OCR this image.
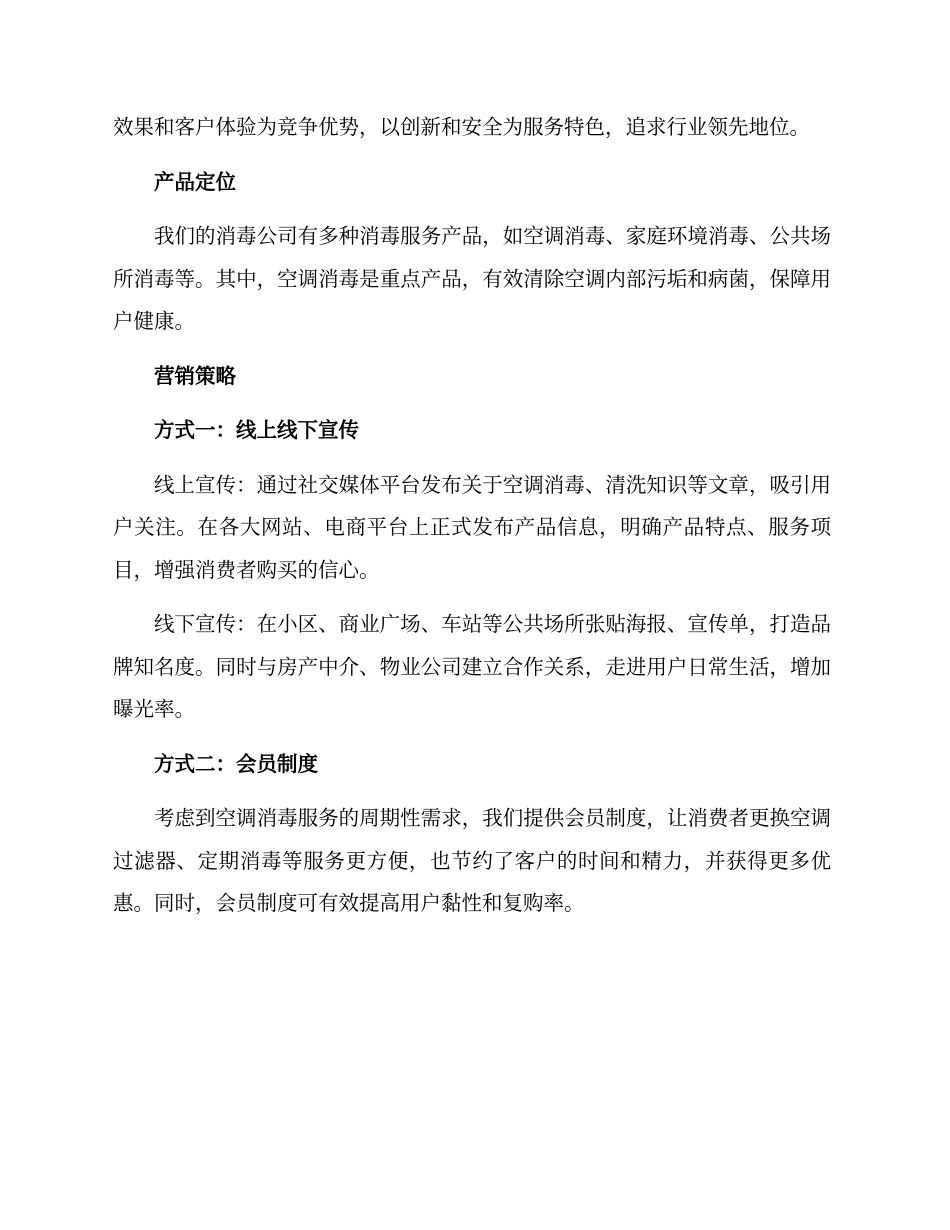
效果和客户体验为竞争优势，以创新和安全为服务特色，追求行业领先地位。

产品定位

我们的消毒公司有多种消毒服务产品，如空调消毒、家庭环境消毒、公共场所消毒等。其中，空调消毒是重点产品，有效清除空调内部污垢和病菌，保障用户健康。

营销策略

方式一：线上线下宣传

线上宣传：通过社交媒体平台发布关于空调消毒、清洗知识等文章，吸引用户关注。在各大网站、电商平台上正式发布产品信息，明确产品特点、服务项目，增强消费者购买的信心。

线下宣传：在小区、商业广场、车站等公共场所张贴海报、宣传单，打造品牌知名度。同时与房产中介、物业公司建立合作关系，走进用户日常生活，增加曝光率。

方式二：会员制度

考虑到空调消毒服务的周期性需求，我们提供会员制度，让消费者更换空调过滤器、定期消毒等服务更方便，也节约了客户的时间和精力，并获得更多优惠。同时，会员制度可有效提高用户黏性和复购率。
